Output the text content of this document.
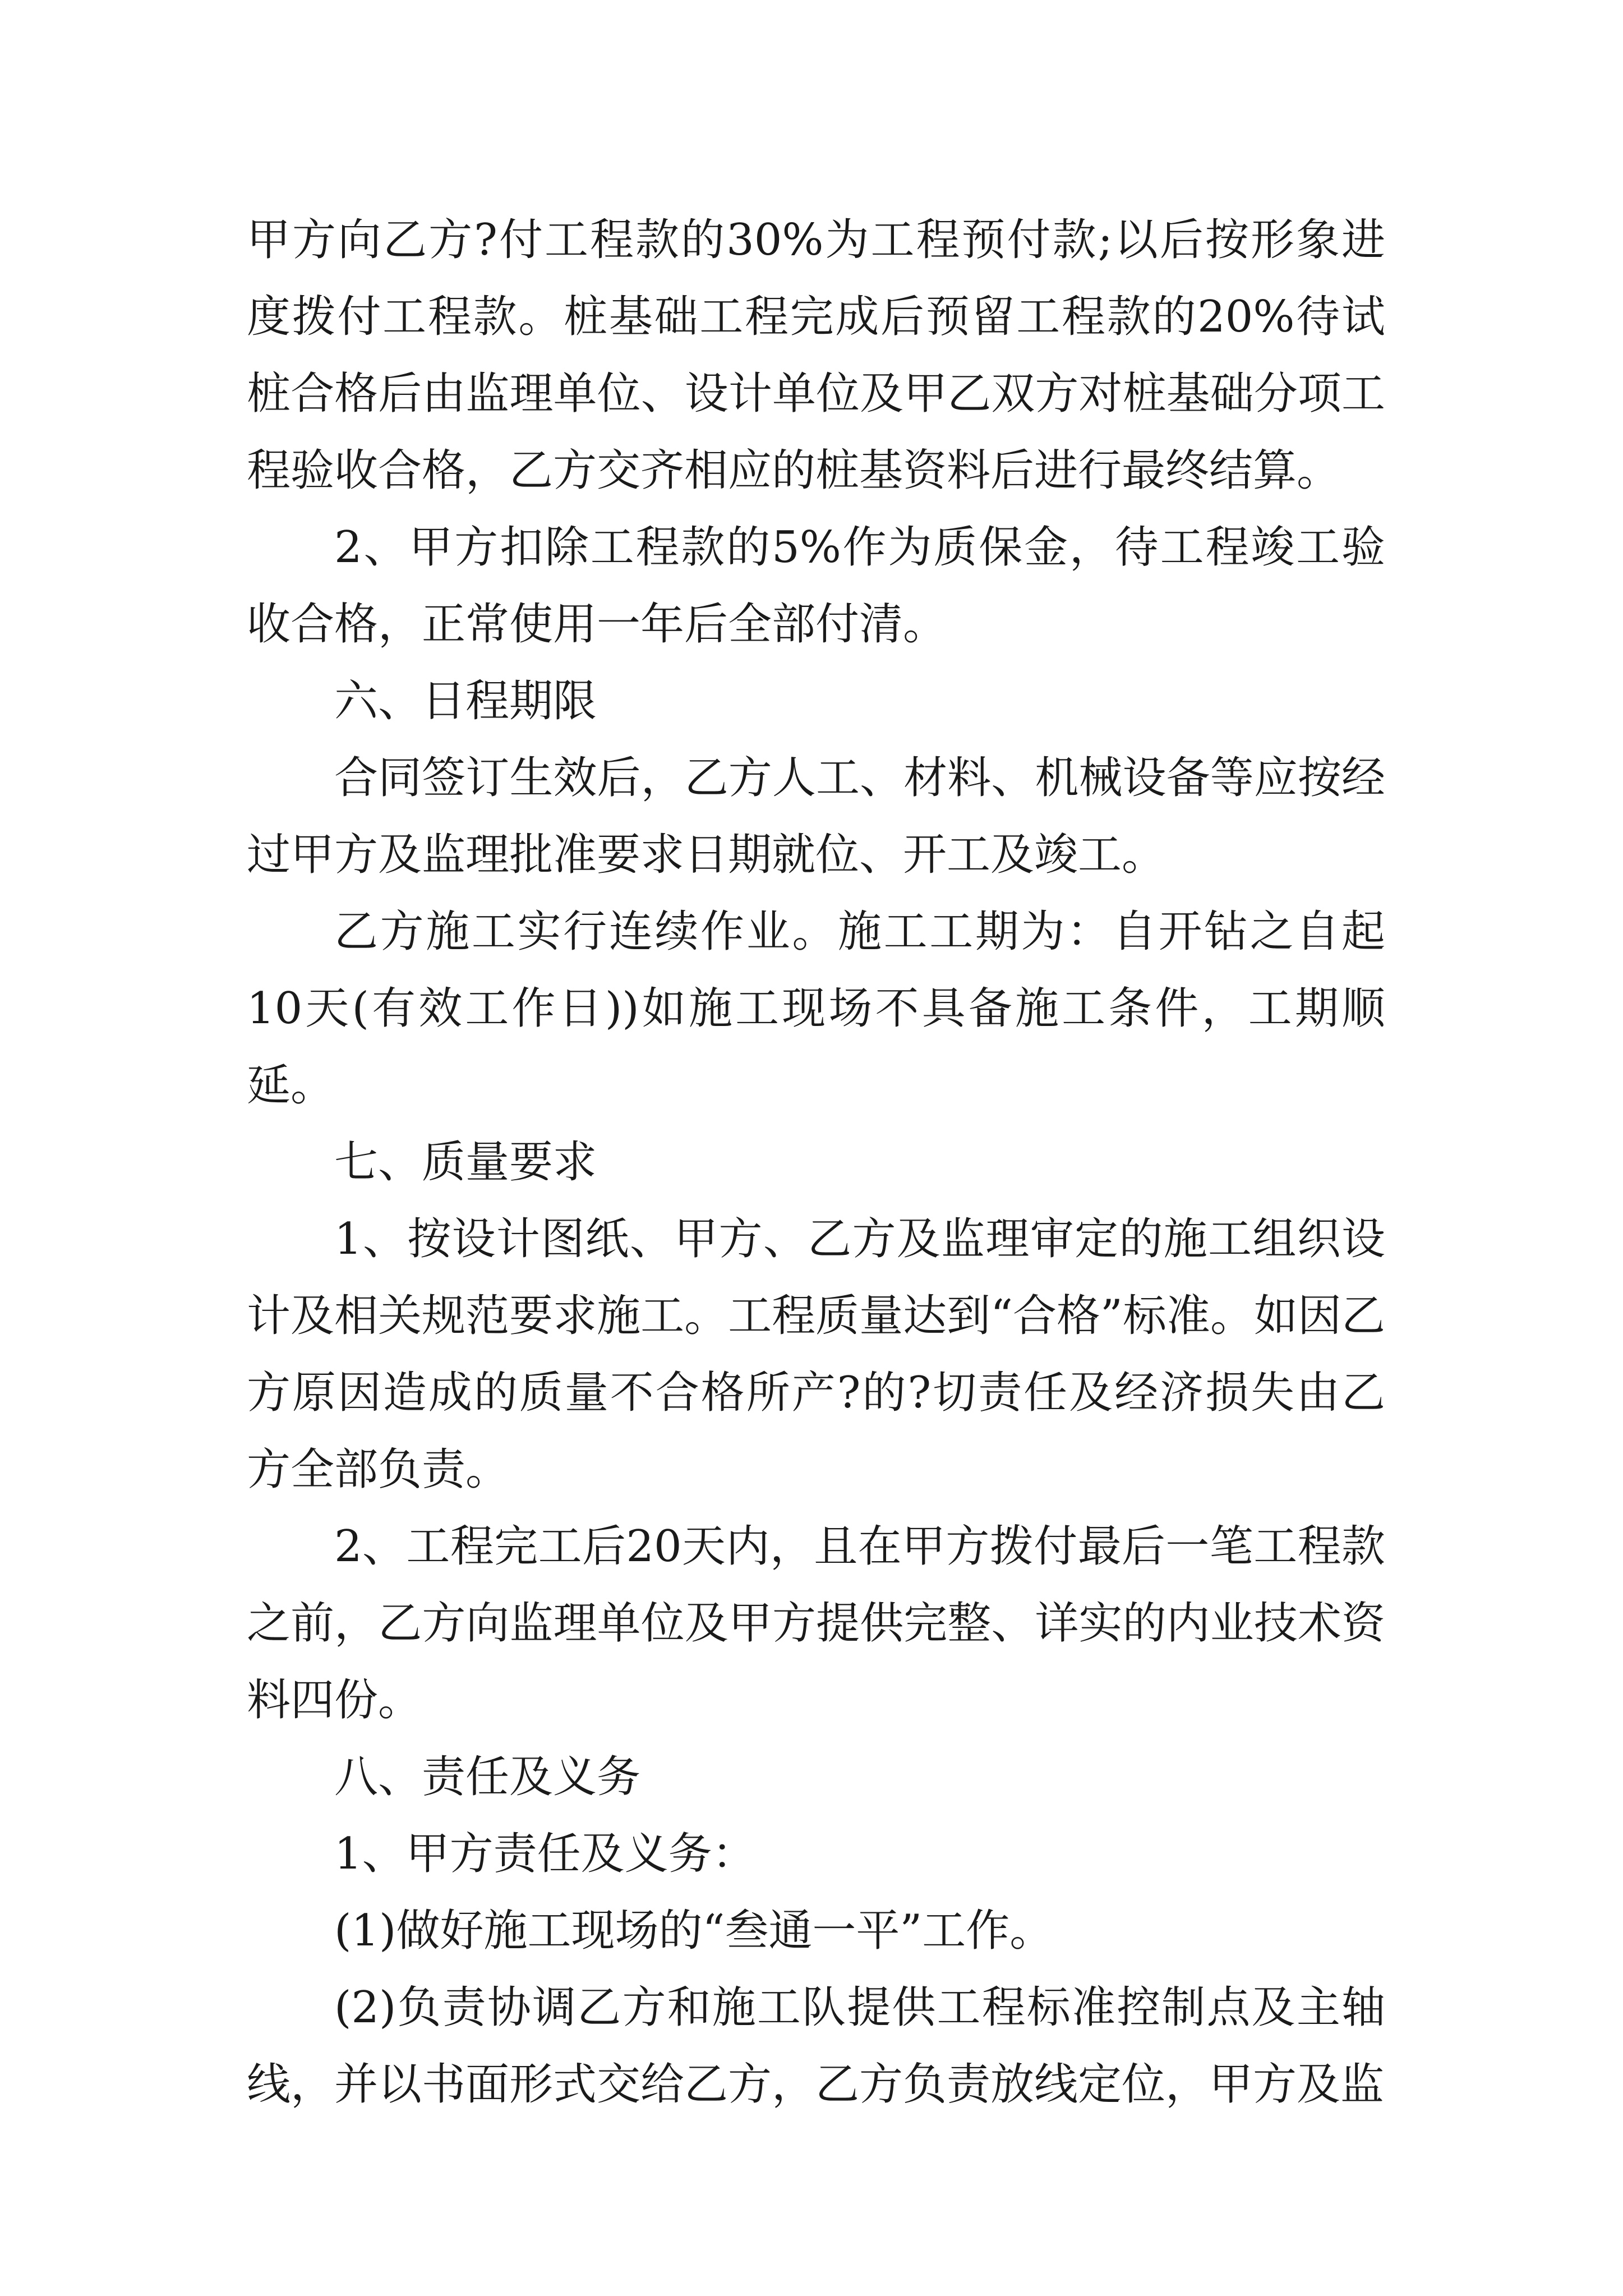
甲方向乙方?付工程款的30%为工程预付款;以后按形象进度拨付工程款。桩基础工程完成后预留工程款的20%待试桩合格后由监理单位、设计单位及甲乙双方对桩基础分项工程验收合格，乙方交齐相应的桩基资料后进行最终结算。

2、甲方扣除工程款的5%作为质保金，待工程竣工验收合格，正常使用一年后全部付清。

六、日程期限

合同签订生效后，乙方人工、材料、机械设备等应按经过甲方及监理批准要求日期就位、开工及竣工。

乙方施工实行连续作业。施工工期为：自开钻之自起10天(有效工作日))如施工现场不具备施工条件，工期顺延。

七、质量要求

1、按设计图纸、甲方、乙方及监理审定的施工组织设计及相关规范要求施工。工程质量达到“合格”标准。如因乙方原因造成的质量不合格所产?的?切责任及经济损失由乙方全部负责。

2、工程完工后20天内，且在甲方拨付最后一笔工程款之前，乙方向监理单位及甲方提供完整、详实的内业技术资料四份。

八、责任及义务

1、甲方责任及义务：

(1)做好施工现场的“叁通一平”工作。

(2)负责协调乙方和施工队提供工程标准控制点及主轴线，并以书面形式交给乙方，乙方负责放线定位，甲方及监
